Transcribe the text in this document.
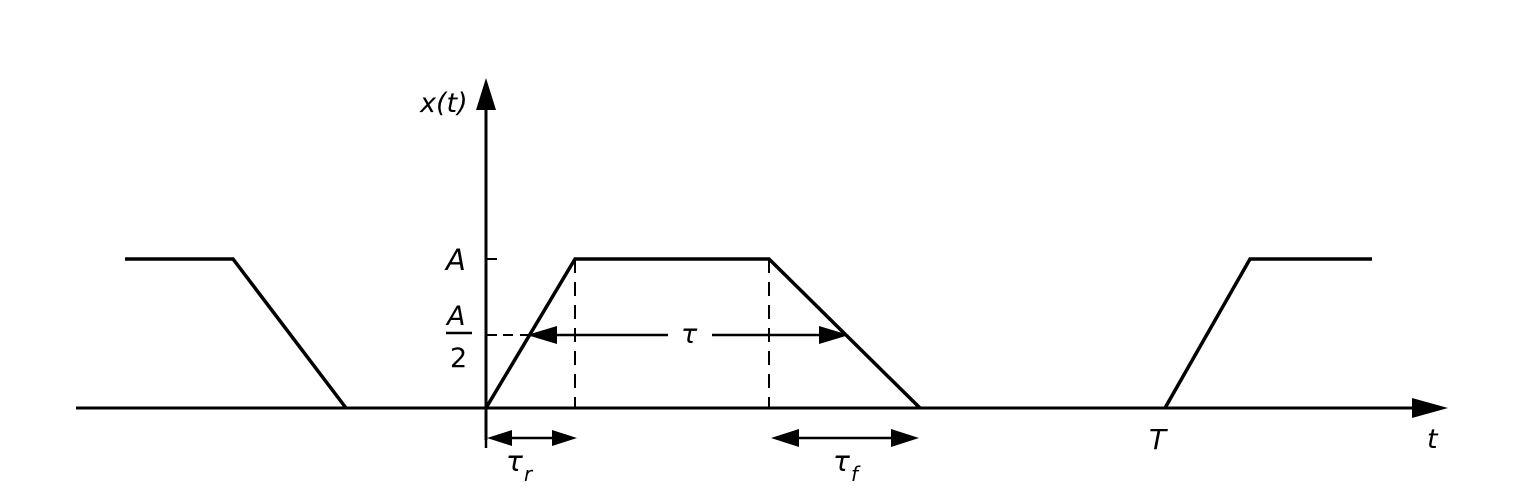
x(t)
t
A
A
2
τ
τ r	τ f
T
